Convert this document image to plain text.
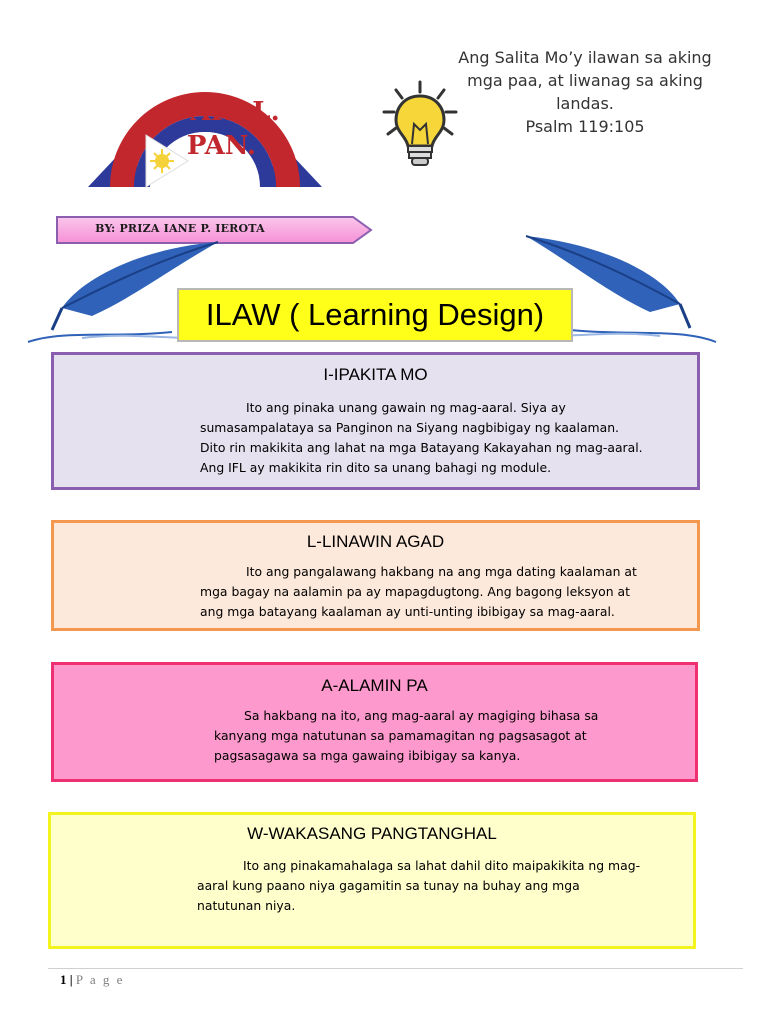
ARAL.
PAN. 6
Ang Salita Mo’y ilawan sa aking
mga paa, at liwanag sa aking
landas.
Psalm 119:105
BY: PRIZA IANE P. IEROTA
ILAW ( Learning Design)

I-IPAKITA MO

Ito ang pinaka unang gawain ng mag-aaral. Siya ay

sumasampalataya sa Panginon na Siyang nagbibigay ng kaalaman.

Dito rin makikita ang lahat na mga Batayang Kakayahan ng mag-aaral.

Ang IFL ay makikita rin dito sa unang bahagi ng module.

L-LINAWIN AGAD

Ito ang pangalawang hakbang na ang mga dating kaalaman at

mga bagay na aalamin pa ay mapagdugtong. Ang bagong leksyon at

ang mga batayang kaalaman ay unti-unting ibibigay sa mag-aaral.

A-ALAMIN PA

Sa hakbang na ito, ang mag-aaral ay magiging bihasa sa

kanyang mga natutunan sa pamamagitan ng pagsasagot at

pagsasagawa sa mga gawaing ibibigay sa kanya.

W-WAKASANG PANGTANGHAL

Ito ang pinakamahalaga sa lahat dahil dito maipakikita ng mag-

aaral kung paano niya gagamitin sa tunay na buhay ang mga

natutunan niya.

1 | P a g e
